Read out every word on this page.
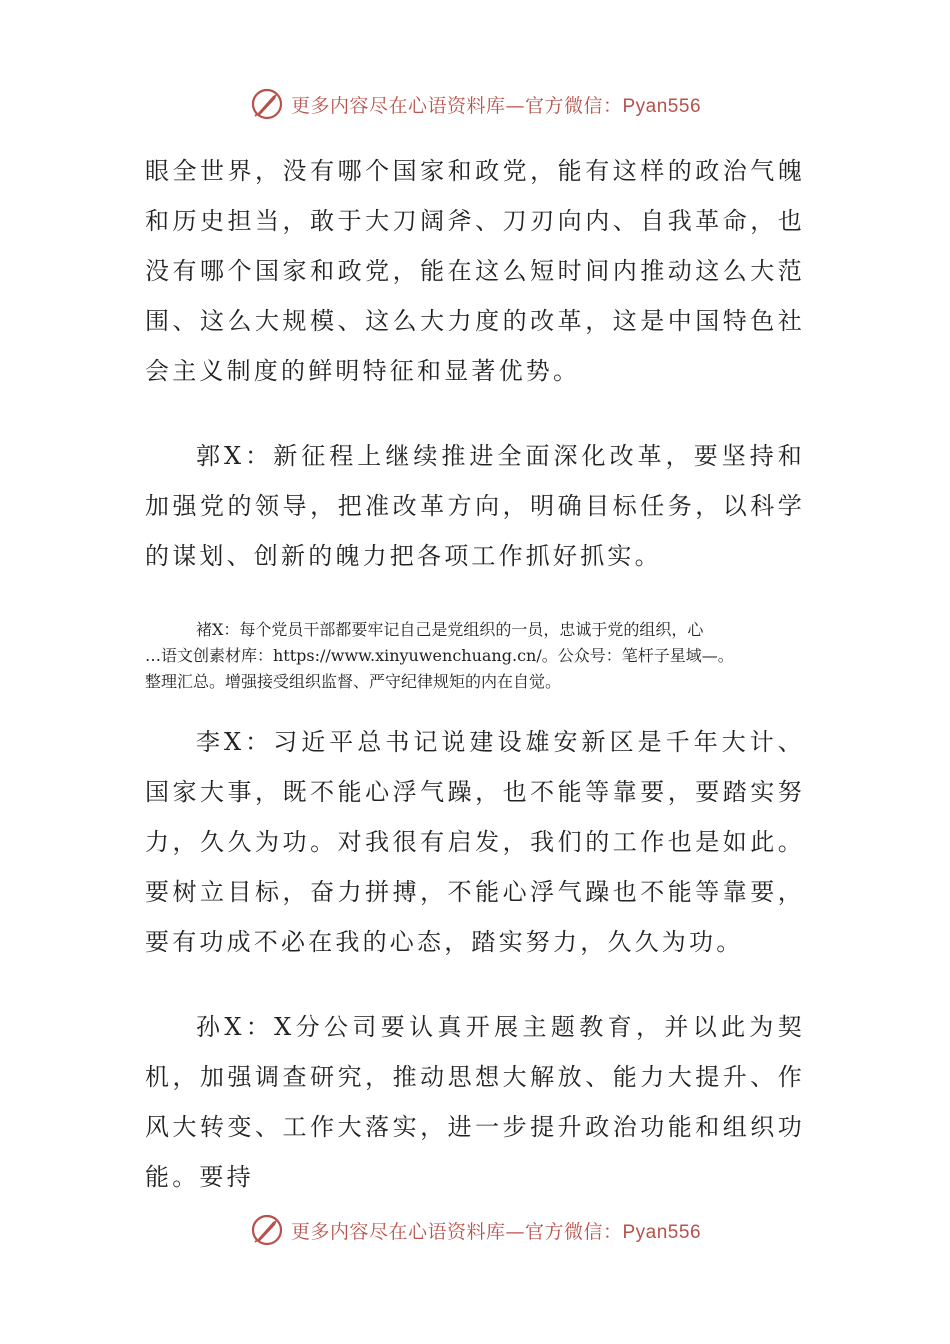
更多内容尽在心语资料库—官方微信：Pyan556

眼全世界，没有哪个国家和政党，能有这样的政治气魄和历史担当，敢于大刀阔斧、刀刃向内、自我革命，也没有哪个国家和政党，能在这么短时间内推动这么大范围、这么大规模、这么大力度的改革，这是中国特色社会主义制度的鲜明特征和显著优势。

郭X：新征程上继续推进全面深化改革，要坚持和加强党的领导，把准改革方向，明确目标任务，以科学的谋划、创新的魄力把各项工作抓好抓实。

褚X：每个党员干部都要牢记自己是党组织的一员，忠诚于党的组织，心
…语文创素材库：https://www.xinyuwenchuang.cn/。公众号：笔杆子星域—。
整理汇总。增强接受组织监督、严守纪律规矩的内在自觉。

李X：习近平总书记说建设雄安新区是千年大计、国家大事，既不能心浮气躁，也不能等靠要，要踏实努力，久久为功。对我很有启发，我们的工作也是如此。要树立目标，奋力拼搏，不能心浮气躁也不能等靠要，要有功成不必在我的心态，踏实努力，久久为功。

孙X：X分公司要认真开展主题教育，并以此为契机，加强调查研究，推动思想大解放、能力大提升、作风大转变、工作大落实，进一步提升政治功能和组织功能。要持

更多内容尽在心语资料库—官方微信：Pyan556
